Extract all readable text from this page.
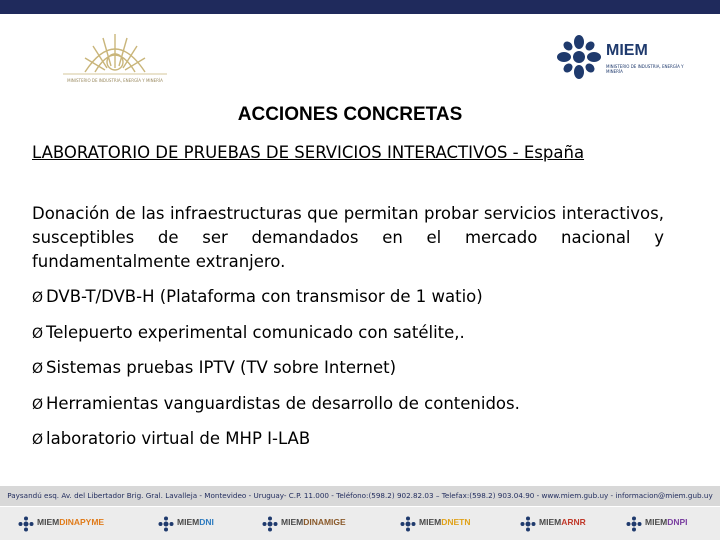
MINISTERIO DE INDUSTRIA, ENERGÍA Y MINERÍA
MIEM
MINISTERIO DE INDUSTRIA, ENERGÍA Y MINERÍA
ACCIONES CONCRETAS
LABORATORIO DE PRUEBAS DE SERVICIOS INTERACTIVOS - España
Donación de las infraestructuras que permitan probar servicios interactivos, susceptibles de ser demandados en el mercado nacional y fundamentalmente extranjero.
Ø DVB-T/DVB-H (Plataforma con transmisor de 1 watio)
Ø Telepuerto experimental comunicado con satélite,.
Ø Sistemas pruebas IPTV (TV sobre Internet)
Ø Herramientas vanguardistas de desarrollo de contenidos.
Ø laboratorio virtual de MHP I-LAB
Paysandú esq. Av. del Libertador Brig. Gral. Lavalleja - Montevideo - Uruguay- C.P. 11.000 - Teléfono:(598.2) 902.82.03 – Telefax:(598.2) 903.04.90 - www.miem.gub.uy - informacion@miem.gub.uy
MIEMDINAPYME	MIEMDNI	MIEMDINAMIGE	MIEMDNETN	MIEMARNR	MIEMDNPI
